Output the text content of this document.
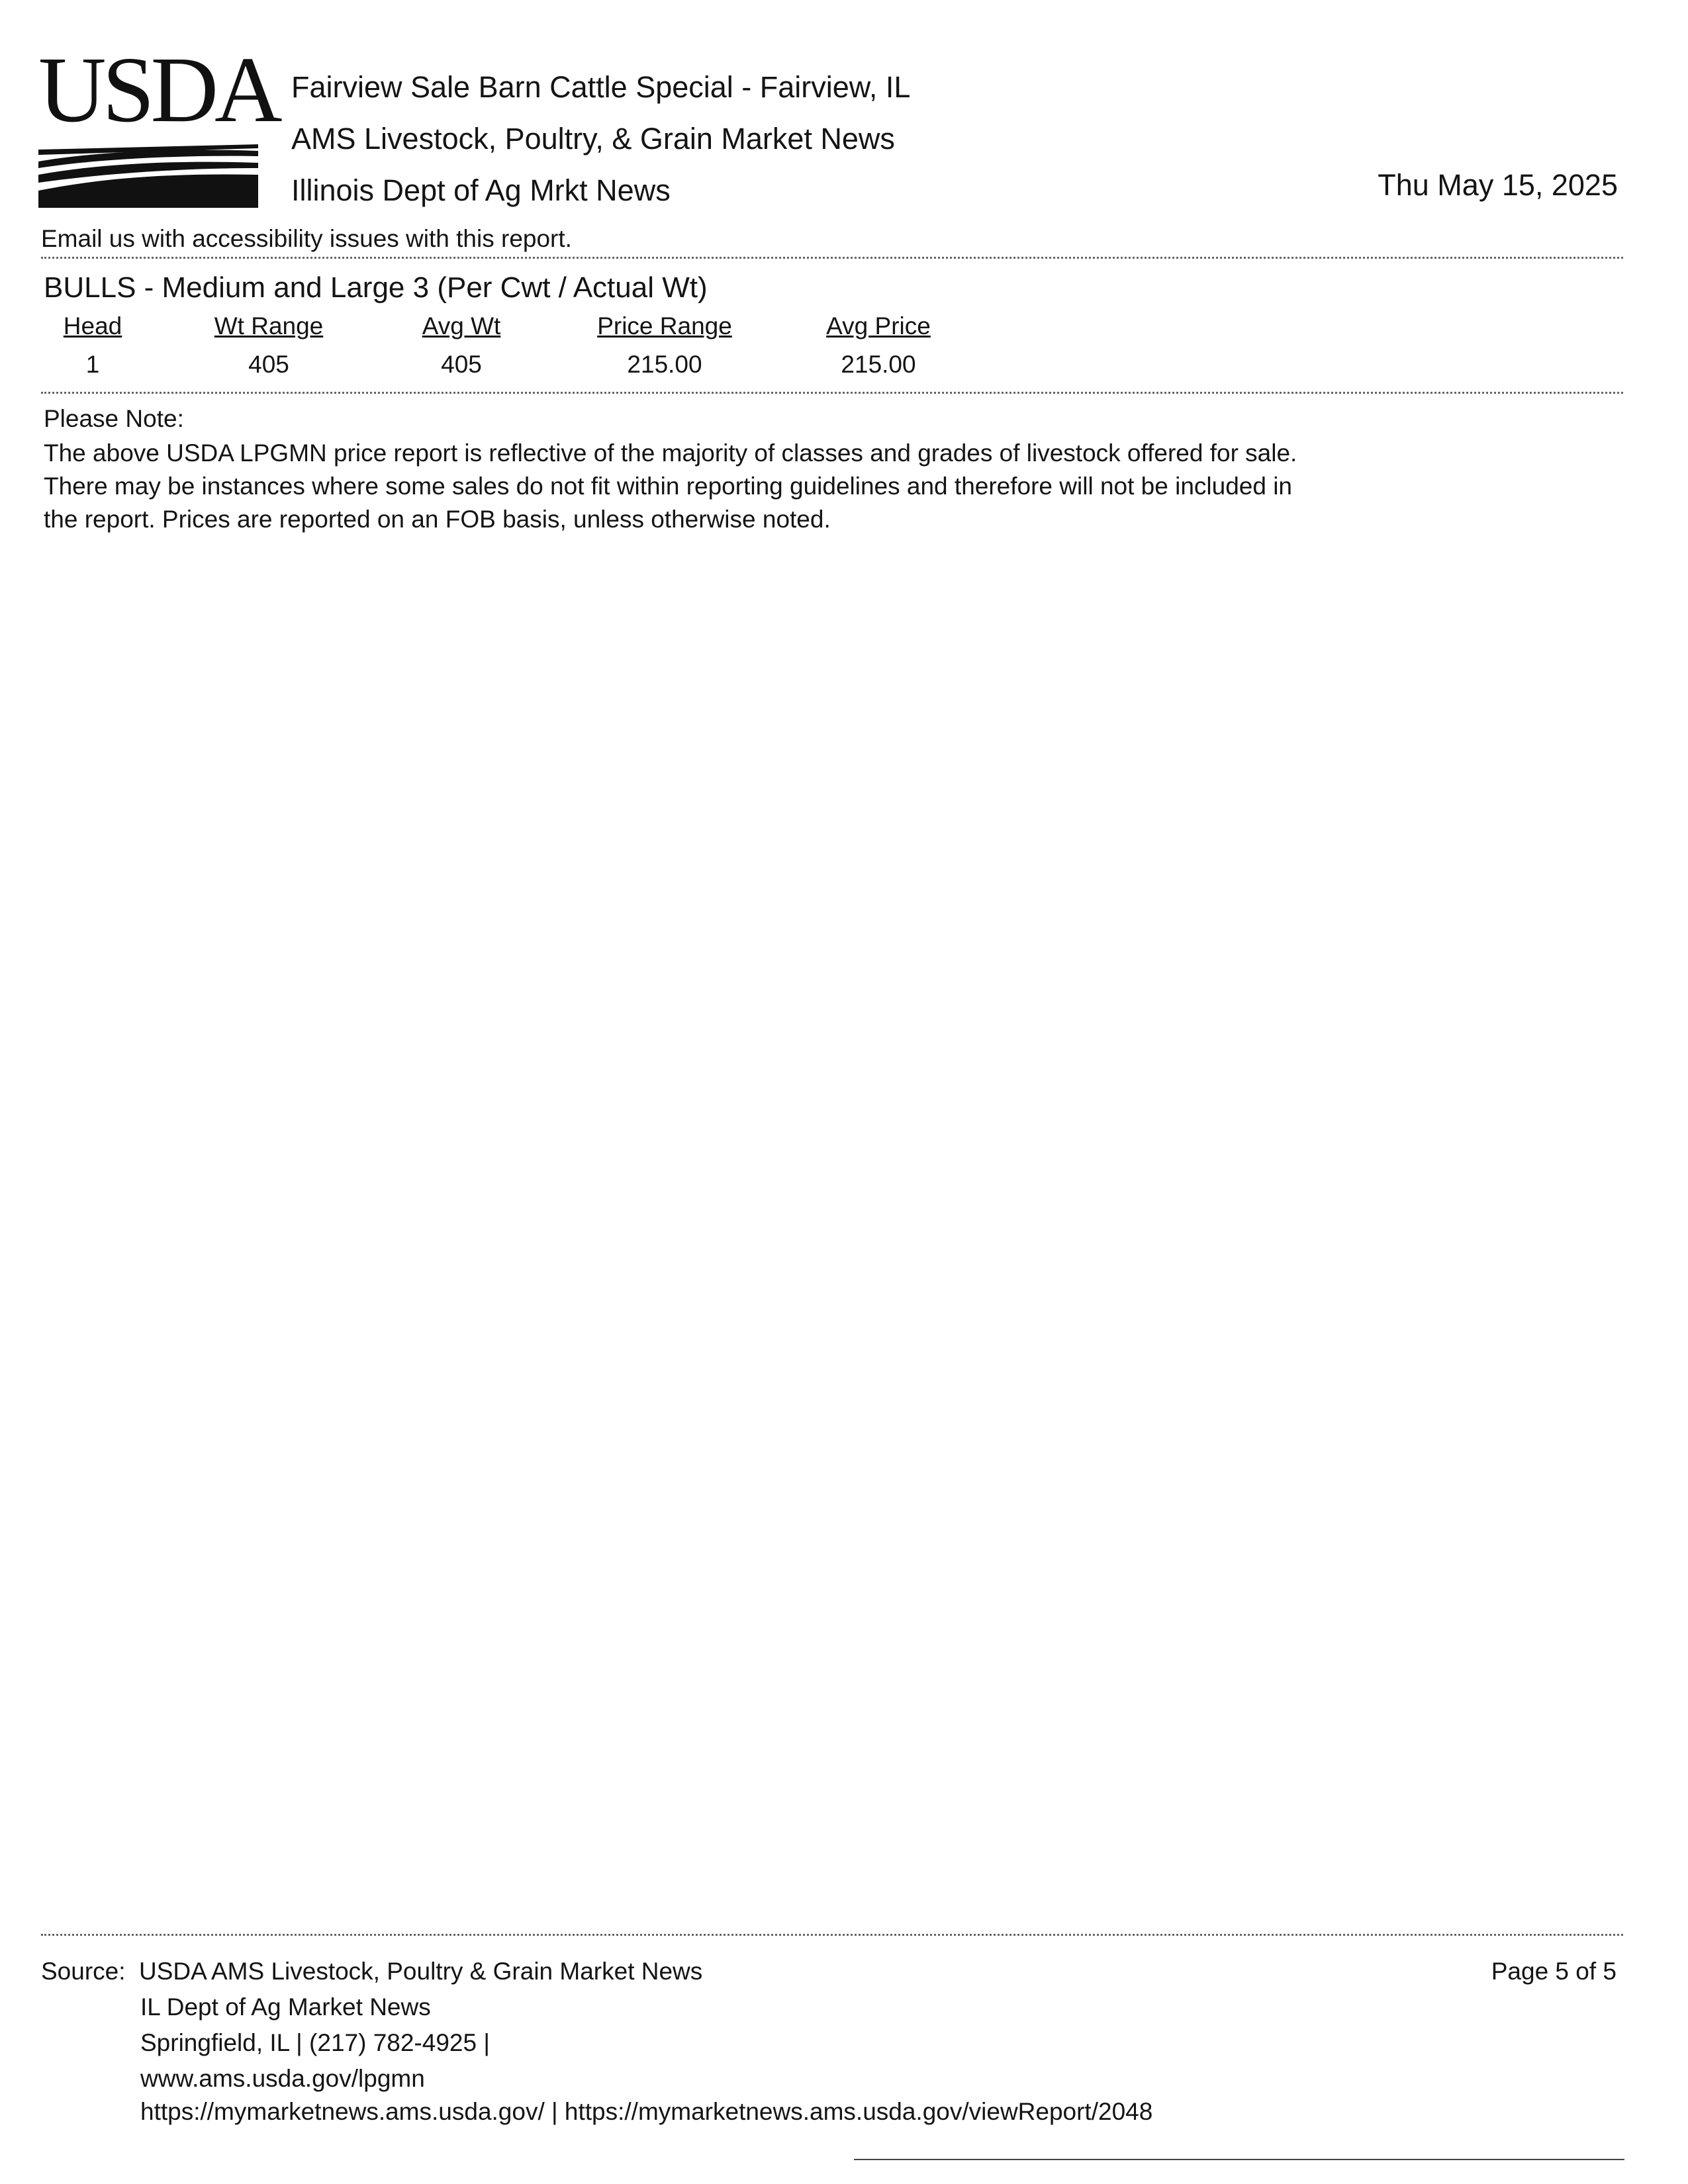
USDA Fairview Sale Barn Cattle Special - Fairview, IL
AMS Livestock, Poultry, & Grain Market News
Illinois Dept of Ag Mrkt News	Thu May 15, 2025
Email us with accessibility issues with this report.
BULLS - Medium and Large 3 (Per Cwt / Actual Wt)
Head	Wt Range	Avg Wt	Price Range	Avg Price
1	405	405	215.00	215.00
Please Note:
The above USDA LPGMN price report is reflective of the majority of classes and grades of livestock offered for sale.
There may be instances where some sales do not fit within reporting guidelines and therefore will not be included in
the report. Prices are reported on an FOB basis, unless otherwise noted.
Source: USDA AMS Livestock, Poultry & Grain Market News
IL Dept of Ag Market News
Springfield, IL | (217) 782-4925 |
www.ams.usda.gov/lpgmn
https://mymarketnews.ams.usda.gov/ | https://mymarketnews.ams.usda.gov/viewReport/2048
Page 5 of 5
